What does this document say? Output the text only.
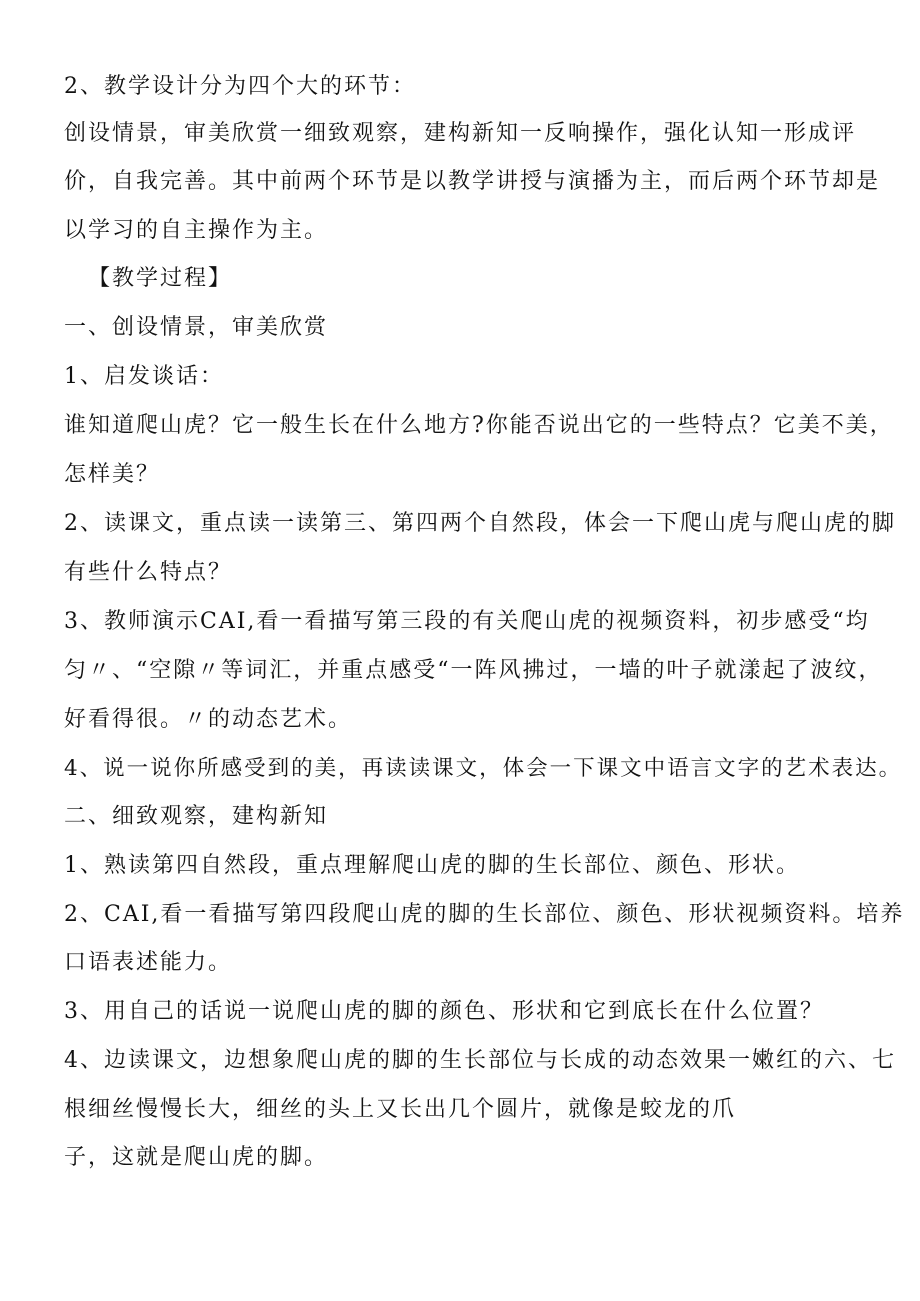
2、教学设计分为四个大的环节：
创设情景，审美欣赏一细致观察，建构新知一反响操作，强化认知一形成评
价，自我完善。其中前两个环节是以教学讲授与演播为主，而后两个环节却是
以学习的自主操作为主。
【教学过程】
一、创设情景，审美欣赏
1、启发谈话：
谁知道爬山虎？它一般生长在什么地方?你能否说出它的一些特点？它美不美，
怎样美？
2、读课文，重点读一读第三、第四两个自然段，体会一下爬山虎与爬山虎的脚
有些什么特点？
3、教师演示CAI,看一看描写第三段的有关爬山虎的视频资料，初步感受“均
匀〃、“空隙〃等词汇，并重点感受“一阵风拂过，一墙的叶子就漾起了波纹，
好看得很。〃的动态艺术。
4、说一说你所感受到的美，再读读课文，体会一下课文中语言文字的艺术表达。
二、细致观察，建构新知
1、熟读第四自然段，重点理解爬山虎的脚的生长部位、颜色、形状。
2、CAI,看一看描写第四段爬山虎的脚的生长部位、颜色、形状视频资料。培养
口语表述能力。
3、用自己的话说一说爬山虎的脚的颜色、形状和它到底长在什么位置？
4、边读课文，边想象爬山虎的脚的生长部位与长成的动态效果一嫩红的六、七
根细丝慢慢长大，细丝的头上又长出几个圆片，就像是蛟龙的爪
子，这就是爬山虎的脚。
